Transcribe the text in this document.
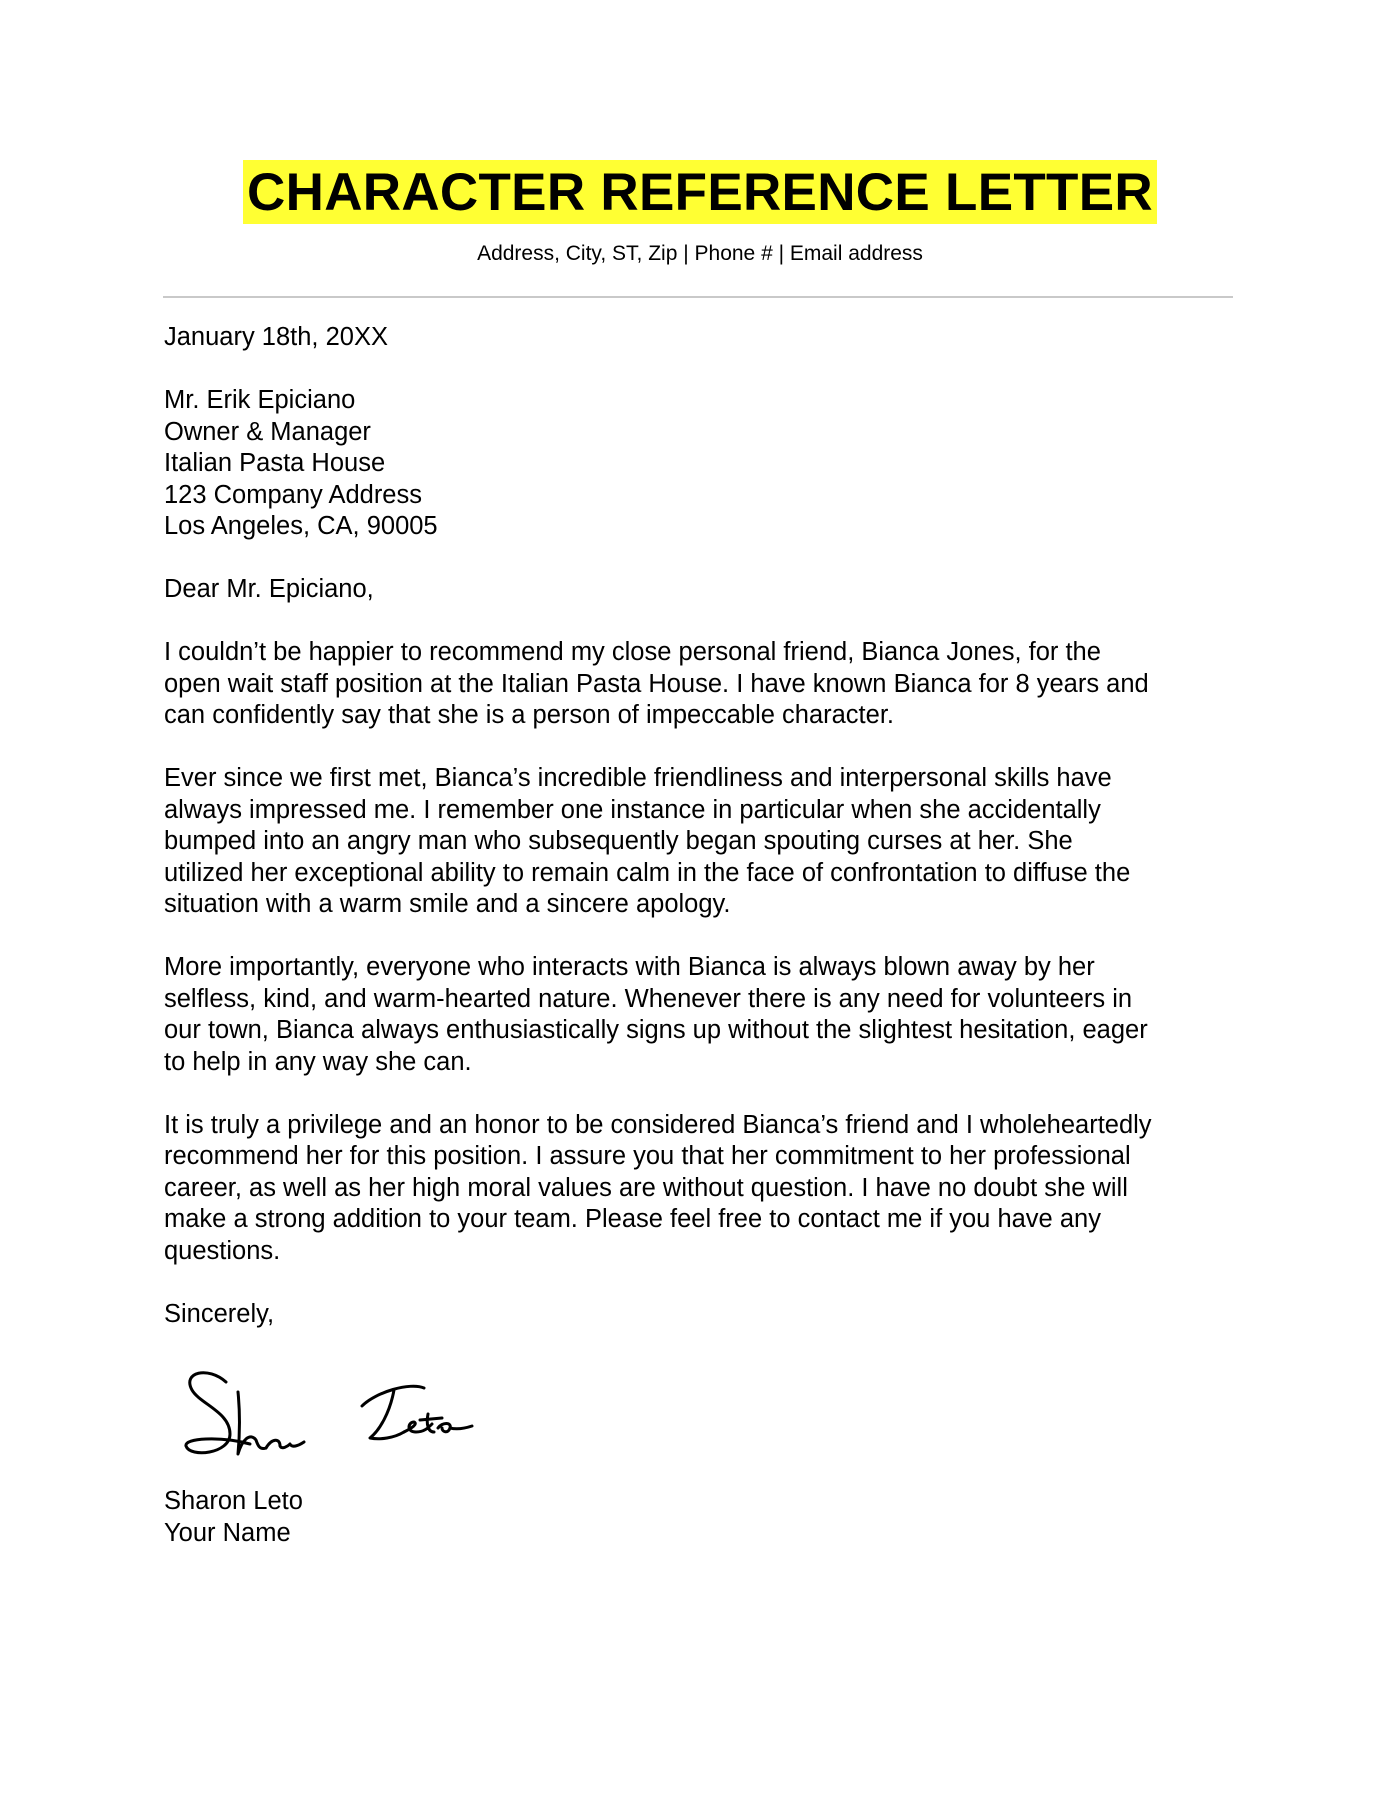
CHARACTER REFERENCE LETTER
Address, City, ST, Zip | Phone # | Email address
January 18th, 20XX
Mr. Erik Epiciano
Owner & Manager
Italian Pasta House
123 Company Address
Los Angeles, CA, 90005
Dear Mr. Epiciano,
I couldn’t be happier to recommend my close personal friend, Bianca Jones, for the
open wait staff position at the Italian Pasta House. I have known Bianca for 8 years and
can confidently say that she is a person of impeccable character.
Ever since we first met, Bianca’s incredible friendliness and interpersonal skills have
always impressed me. I remember one instance in particular when she accidentally
bumped into an angry man who subsequently began spouting curses at her. She
utilized her exceptional ability to remain calm in the face of confrontation to diffuse the
situation with a warm smile and a sincere apology.
More importantly, everyone who interacts with Bianca is always blown away by her
selfless, kind, and warm-hearted nature. Whenever there is any need for volunteers in
our town, Bianca always enthusiastically signs up without the slightest hesitation, eager
to help in any way she can.
It is truly a privilege and an honor to be considered Bianca’s friend and I wholeheartedly
recommend her for this position. I assure you that her commitment to her professional
career, as well as her high moral values are without question. I have no doubt she will
make a strong addition to your team. Please feel free to contact me if you have any
questions.
Sincerely,
Sharon Leto
Your Name
